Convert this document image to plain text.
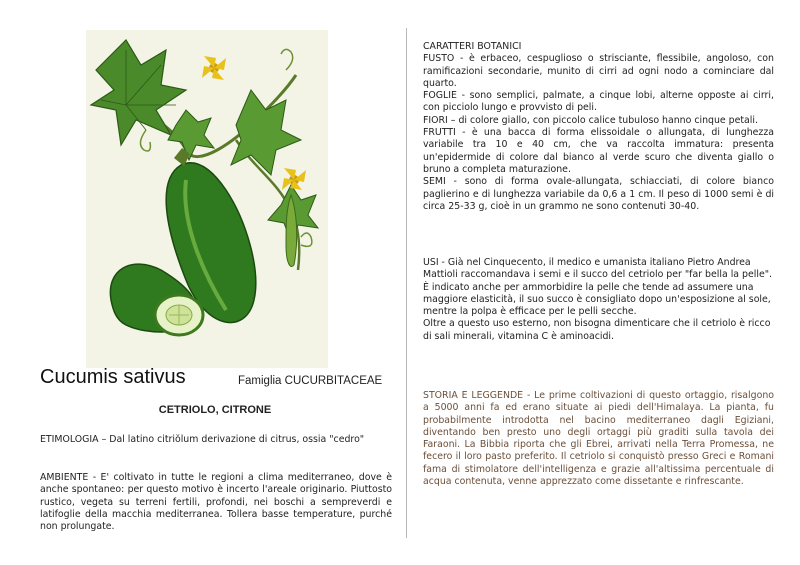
Cucumis sativus	Famiglia CUCURBITACEAE
CETRIOLO, CITRONE
ETIMOLOGIA – Dal latino citriŏlum derivazione di citrus, ossia "cedro"
AMBIENTE - E' coltivato in tutte le regioni a clima mediterraneo, dove è anche spontaneo: per questo motivo è incerto l'areale originario. Piuttosto rustico, vegeta su terreni fertili, profondi, nei boschi a sempreverdi e latifoglie della macchia mediterranea. Tollera basse temperature, purché non prolungate.
CARATTERI BOTANICI
FUSTO - è erbaceo, cespuglioso o strisciante, flessibile, angoloso, con ramificazioni secondarie, munito di cirri ad ogni nodo a cominciare dal quarto.
FOGLIE - sono semplici, palmate, a cinque lobi, alterne opposte ai cirri, con picciolo lungo e provvisto di peli.
FIORI – di colore giallo, con piccolo calice tubuloso hanno cinque petali.
FRUTTI - è una bacca di forma elissoidale o allungata, di lunghezza variabile tra 10 e 40 cm, che va raccolta immatura: presenta un'epidermide di colore dal bianco al verde scuro che diventa giallo o bruno a completa maturazione.
SEMI - sono di forma ovale-allungata, schiacciati, di colore bianco paglierino e di lunghezza variabile da 0,6 a 1 cm. Il peso di 1000 semi è di circa 25-33 g, cioè in un grammo ne sono contenuti 30-40.
USI - Già nel Cinquecento, il medico e umanista italiano Pietro Andrea Mattioli raccomandava i semi e il succo del cetriolo per "far bella la pelle".
È indicato anche per ammorbidire la pelle che tende ad assumere una maggiore elasticità, il suo succo è consigliato dopo un'esposizione al sole, mentre la polpa è efficace per le pelli secche.
Oltre a questo uso esterno, non bisogna dimenticare che il cetriolo è ricco di sali minerali, vitamina C è aminoacidi.
STORIA E LEGGENDE - Le prime coltivazioni di questo ortaggio, risalgono a 5000 anni fa ed erano situate ai piedi dell'Himalaya. La pianta, fu probabilmente introdotta nel bacino mediterraneo dagli Egiziani, diventando ben presto uno degli ortaggi più graditi sulla tavola dei Faraoni. La Bibbia riporta che gli Ebrei, arrivati nella Terra Promessa, ne fecero il loro pasto preferito. Il cetriolo si conquistò presso Greci e Romani fama di stimolatore dell'intelligenza e grazie all'altissima percentuale di acqua contenuta, venne apprezzato come dissetante e rinfrescante.
